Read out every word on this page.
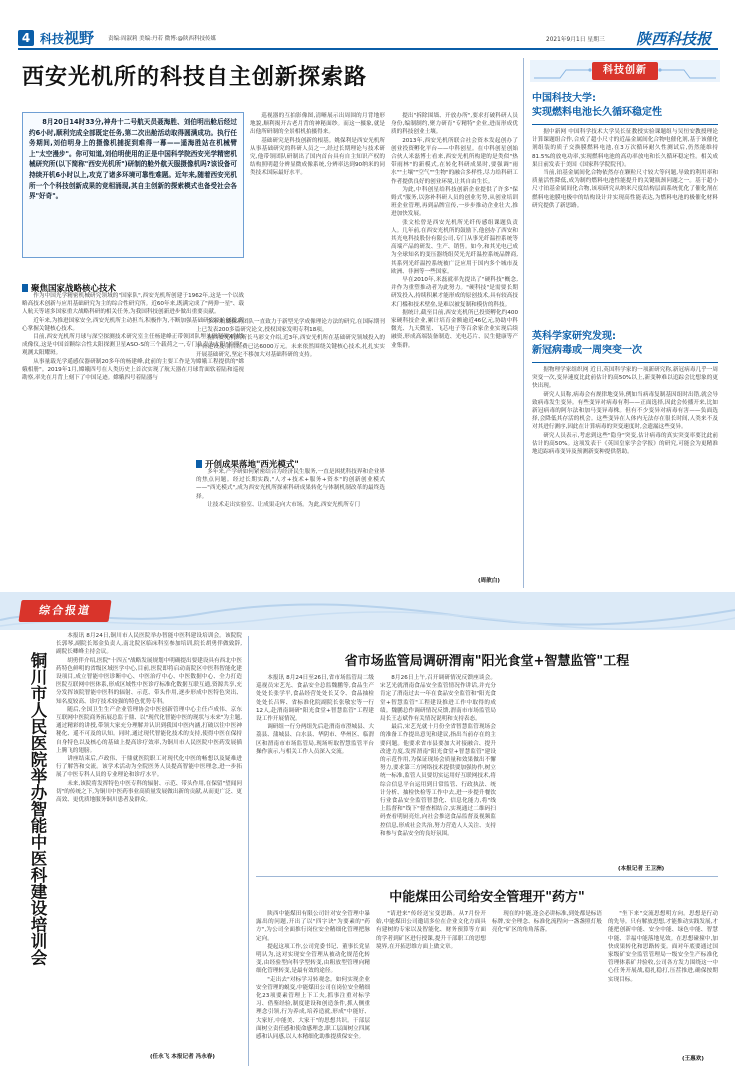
4 科技视野	责编:周淑莉 美编:丹若 微博:@陕西科技传媒	2021年9月1日 星期三 陕西科技报
西安光机所的科技自主创新探索路
8月20日14时33分,神舟十二号航天员聂海胜、刘伯明出舱后经过约6小时,顺利完成全部既定任务,第二次出舱活动取得圆满成功。执行任务期间,刘伯明身上的摄像机捕捉到难得一幕——遥海胜站在机械臂上"太空漫步"。你可知道,刘伯明使用的正是中国科学院西安光学精密机械研究所(以下简称"西安光机所")研制的舱外航天服摄像机吗?该设备可持续开机6小时以上,攻克了诸多环境可靠性难题。近年来,随着西安光机所一个个科技创新成果的竞相涌现,其自主创新的探索模式也备受社会各界"好奇"。
聚焦国家战略核心技术

作为中国光学精密机械研究领域的"国家队",西安光机所创建于1962年,这是一个以战略高技术创新与应用基础研究为主的综合性研究所。近60年来,既满完成了"两弹一星"、载人航天等诸多国家重大战略科研的相关任务,为我国科技创新进步做出重要贡献。

近年来,为推进国家安全,西安光机所主动担当,积极作为,不断加强基础研究原始创新,苦心掌握关键核心技术。

目前,西安光机所月球与深空探测技术研究室主任杨建峰正带领团队埋头研制硬X射线成像仪,这是中国首颗综合性太阳探测卫星ASO-S的三个载荷之一,专门负责为太阳"拍照",观测太阳耀斑。

从事量载光学遥感仪器研制20多年的杨建峰,此前的主要工作是为嫦娥工程提供的"嫦娥相册"。2019年1月,嫦娥四号在人类历史上首次实现了航天器在月球背面软着陆和巡视勘察,率先在月背上刻下了中国足迹。嫦娥四号着陆器与

巡视器的互拍影像图,清晰展示出周围的月背地形地貌,顺利揭开古老月背的神秘面纱。而这一摄象,就是出他所研制的全景相机拍摄得来。

基础研究是科技创新的根基。姚保利是西安光机所从事基础研究的科研人员之一,经过长期理论与技术研究,他带领团队研制出了国内首台具有自主知识产权的结构照明超分辨显微成像系统,分辨率达到90纳米的同类技术国际最好水平。

多年来,姚保利团队一直致力于新型光学成像理论方法的研究,在国际期刊上已发表200多篇研究论文,授权国家发明专利18项。

据西安光机所所长马彩文介绍,近3年,西安光机所在基础研究领域投入的平台建设及项目经费已达6000万元。未来依然围绕关键核心技术,扎扎实实开展基础研究,坚定不移加大对基础科研的支持。

开创成果落地"西光模式"

多年来,产学研如何紧密结合为经济民生服务,一直是困扰科技界和企业界的焦点问题。经过长期实践,"人才+技术+服务+资本"的创新创业模式——"西光模式",成为西安光机所探索科研成果转化与体制机制改革的最终选择。

让技术走出实验室、让成果走向大市场。为此,西安光机所专门

提出"拆除围墙、开放办所",要求打破科研人员身份,编制制约,聚力研育"专精特"企业,进而形成优质的科技创业土壤。

2013年,西安光机所联合社会资本发起创办了创业投资孵化平台——中科创星。在中科创星创始合伙人米磊博士看来,西安光机所构建的是类似"热带雨林"的新模式,在转化科研成果时,要强调"雨水""土壤""空气""生物"的融合多样性,尽力给科研工作者提供良好的创业环境,让其自由生长。

为此,中科创星给科技创新企业提供了许多"保姆式"服务,以弥补科研人员的创业劣势,从创业培训班企业管理,再到品牌宣传,一步步推动企业壮大,推进加快发展。

张文松曾是西安光机所光纤传感组课题负责人。几年前,在西安光机所的鼓励下,他创办了西安和其光电科技股份有限公司,专门从事光纤温控系统等高端产品的研发、生产、销售。如今,和其光电已成为全球知名的变压器绕组荧光光纤温控系统品牌商,其系列光纤温控系统被广泛应用于国内多个城市及欧洲、非洲等一些国家。

早在2010年,米磊就率先提出了"硬科技"概念,并作为重塑推动者为此努力。"硬科技"是需要长期研发投入,持续积累才能形成的原创技术,具有较高技术门槛和技术壁垒,是难以被复制和模仿的科技。

据统计,截至目前,西安光机所已投资孵化约400家硬科技企业,累计培育金额逾近46亿元,协助中科微光、九天微星、飞芯电子等百余家企业实现后续融资,形成高端装备制造、光电芯片、民生健康等产业集群。

(周歆白)
科技创新
中国科技大学:
实现燃料电池长久循环稳定性

据中新网 中国科学技术大学吴长征教授实验课题组与吴恒安教授理论计算课题组合作,合成了超小尺寸的近晶金属间化合物电催化剂,基于该催化剂组装的质子交换膜燃料电池,在3万次循环耐久性测试后,仍然能维持81.5%的放电功率,实现燃料电池的高功率放电和长久循环稳定性。相关成果日前发表于美国《国家科学院院刊》。

当前,铂基金属间化合物依然存在颗粒尺寸较大等问题,导致的利用率和质量活性降低,成为制约燃料电池性能提升的关键瓶颈问题之一。基于超小尺寸铂基金属间化合物,该项研究从纳米尺度结构层面系统优化了催化剂在燃料电池膜电极中的结构设计并实现高性能表达,为燃料电池的极催化材料研究提供了新思路。

英科学家研究发现:
新冠病毒或一周突变一次

据物理学家组织网 近日,英国科学家的一项新研究称,新冠病毒几乎一周突变一次,变异速度比此前估计的高50%以上,新变种难以追踪会比想象的更快出现。

研究人员称,病毒会有规律地变异,例如当病毒复制基因组时出错,就会导致病毒发生变异。有些变异对病毒有利——正面选择,因此会传播开来,比如新冠病毒的阿尔法和加马变异毒株。但有不少变异对病毒有害——负面选择,会降低其存活的机会。这些变异在人体内无法存在很长时间,人类来不及对其进行测序,因此在计算病毒的突变速度时,会遗漏这些变异。

研究人员表示,考虑到这些"隐身"突变,估计病毒的真实突变率要比此前估计的高50%。这项发表于《英国皇家学会学报》的研究,可能会为更精准地追踪病毒变异及预测新变种提供帮助。

综合报道
铜川市人民医院举办智能中医科建设培训会

本报讯 8月24日,铜川市人民医院举办智能中医科建设培训会。该院院长郭琴,副院长郑金负责人,南北院区临床科室参加培训,院长胡勇伴做致辞,副院长卿峰主持会议。

胡勇伴介绍,医院"十四五"战略发展规划中明确提出要建设具有西北中医药特色鲜明的省级区域医学中心,目前,医院即将启动南院区中医科智能化建设项目,成立智能中医诊断中心、中医治疗中心、中医数据中心、全力打造医院互联网中医体系,形成区域性中医诊疗标准化数据互联互通,资源共享,充分发挥该院智能中医科的辐射、示范、带头作用,逐步形成中医特色突出、知名度较高、诊疗技术较强的特色优势专科。

随后,全国卫生生产企业管理协会中医创新管理中心主任卢成伟、京东互联网中医院商务拓展总监于鼎、以"现代化智能中医的现状与未来"为主题,通过精彩的讲授,带领大家充分理解并认识到我国中医内涵,打破以往中医神秘化、遥不可及的认知。同时,通过现代智能化技术的支持,使得中医在保持自身特色以及核心的基础上提高诊疗效率,为铜川市人民医院中医药发展插上腾飞的翅膀。

讲座结束后,卢政伟、于鼎就医院职工对现代化中医的畅想以及疑难进行了解答和交流。该学术活动为全院医务人员提高智能中医理念,进一步拓展了中医专科人员的专业理论和诊疗水平。

未来,该院将发挥特色中医专科的辐射、示范、带头作用,在保留"望闻问切"的传统之下,为铜川中医药事业高质量发展做出新的贡献,从而更广泛、更高效、更优质地服务铜川患者及群众。

(任永飞 本报记者 冯永春)
省市场监管局调研渭南"阳光食堂+智慧监管"工程

本报讯 8月24日至26日,省市场监管局二级巡视员宋艺光、食品安全总监魏鹏等,食品生产处处长张学平,食品经营处处长艾令、食品抽检处处长吕辉、省标准化院副院长张敬宏等一行12人,赴渭南调研"阳光食堂+智慧监管"工程建设工作开展情况。

调研组一行分两组先后赴渭南市澄城县、大荔县、蒲城县、白水县、华阴市、华州区、临渭区和渭南市市场监管局,现场听取智慧监管平台操作演示,与相关工作人员深入交流。

8月26日上午,召开调研情况反馈座谈会。宋艺光就渭南食品安全监管情况作讲话,并充分肯定了渭南过去一年在食品安全监管和"阳光食堂+智慧监管"工程建设推进工作中取得的成绩。魏鹏总作调研情况反馈,渭南市市场监管局局长王志斌作有关情况说明和支持表态。

最后,宋艺光就十月份全省智慧监管现场会的准备工作提出意见和建议,指出当前存在的主要问题。他要求省市县要加大对接融合、提升改进力度,发挥渭南"阳光食堂+智慧监管"建设的示范作用,为保证现场会质量和效果做出不懈努力,要求第三方网络技术提供要加强协作,树立统一标准,监管人员要切实运用好互联网技术,将综合信息平台运用到日常监管、行政执法、统计分析、抽检快检等工作中去,进一步提升餐饮行业食品安全监管智慧化、信息化能力,将"线上监督和"线下"督查相结合,实现通过二维码扫码查看明厨亮灶,向社会推送食品监督及视频监控信息,形成社会共治,努力营造人人关注、支持和参与食品安全的良好氛围。

(本报记者 王卫洲)
中能煤田公司给安全管理开"药方"

陕西中能煤田有限公司针对安全管理中暴露出的问题,开出了以"四字诀"为要素的"药方",为公司全面推行岗位安全精细化管理把脉定向。

提起这项工作,公司党委书记、董事长党显明认为,这对实现安全管理从被动化规范化转变,由经验型向科学型转变,由粗放型管理向精细化管理转变,是最有效的途径。

"走出去"对标学习转观念。如何实现企业安全管理的蜕变,中能煤田公司在岗位安全精细化23项要素管理上下工夫,抓事注重对标学习、借鉴经验,制度建设和创造条件,抓人侧重理念引领,行为养成,培养造就,形成"中能好、大家好,中能美、大家干"的思想共识。干部层面树立责任感和使命感理念,职工层面树立四属感和认同感,以人本精细化助推提质保安全。

"请进来"传经送宝变思路。从7月份开始,中能煤田公司邀请多位在企业文化方面具有建树的专家以及智能化、财务预算等方面的学者到矿区进行授课,提升干部职工的思想境界,在开拓思维方面上做文章。

现在的中能,逢会必讲标准,到处都是标语标牌,安全理念、标准化流程向一盏盏照灯般亮化"矿区的角角落落。

"坐下来"交流思想明方向。思想是行动的先导。只有解放思想,才能推动实践发展,才能把创新中能、安全中能、绿色中能、智慧中能、幸福中能落地见效。在思想碰撞中,加快成果转化和思路转变。面对年底要通过国家级矿安全监管管理局一级安全生产标准化管理体系矿井验收,公司各方发力围绕这一中心任务开展战,稳扎稳打,压茬推进,确保按期实现目标。

(王惠欢)
